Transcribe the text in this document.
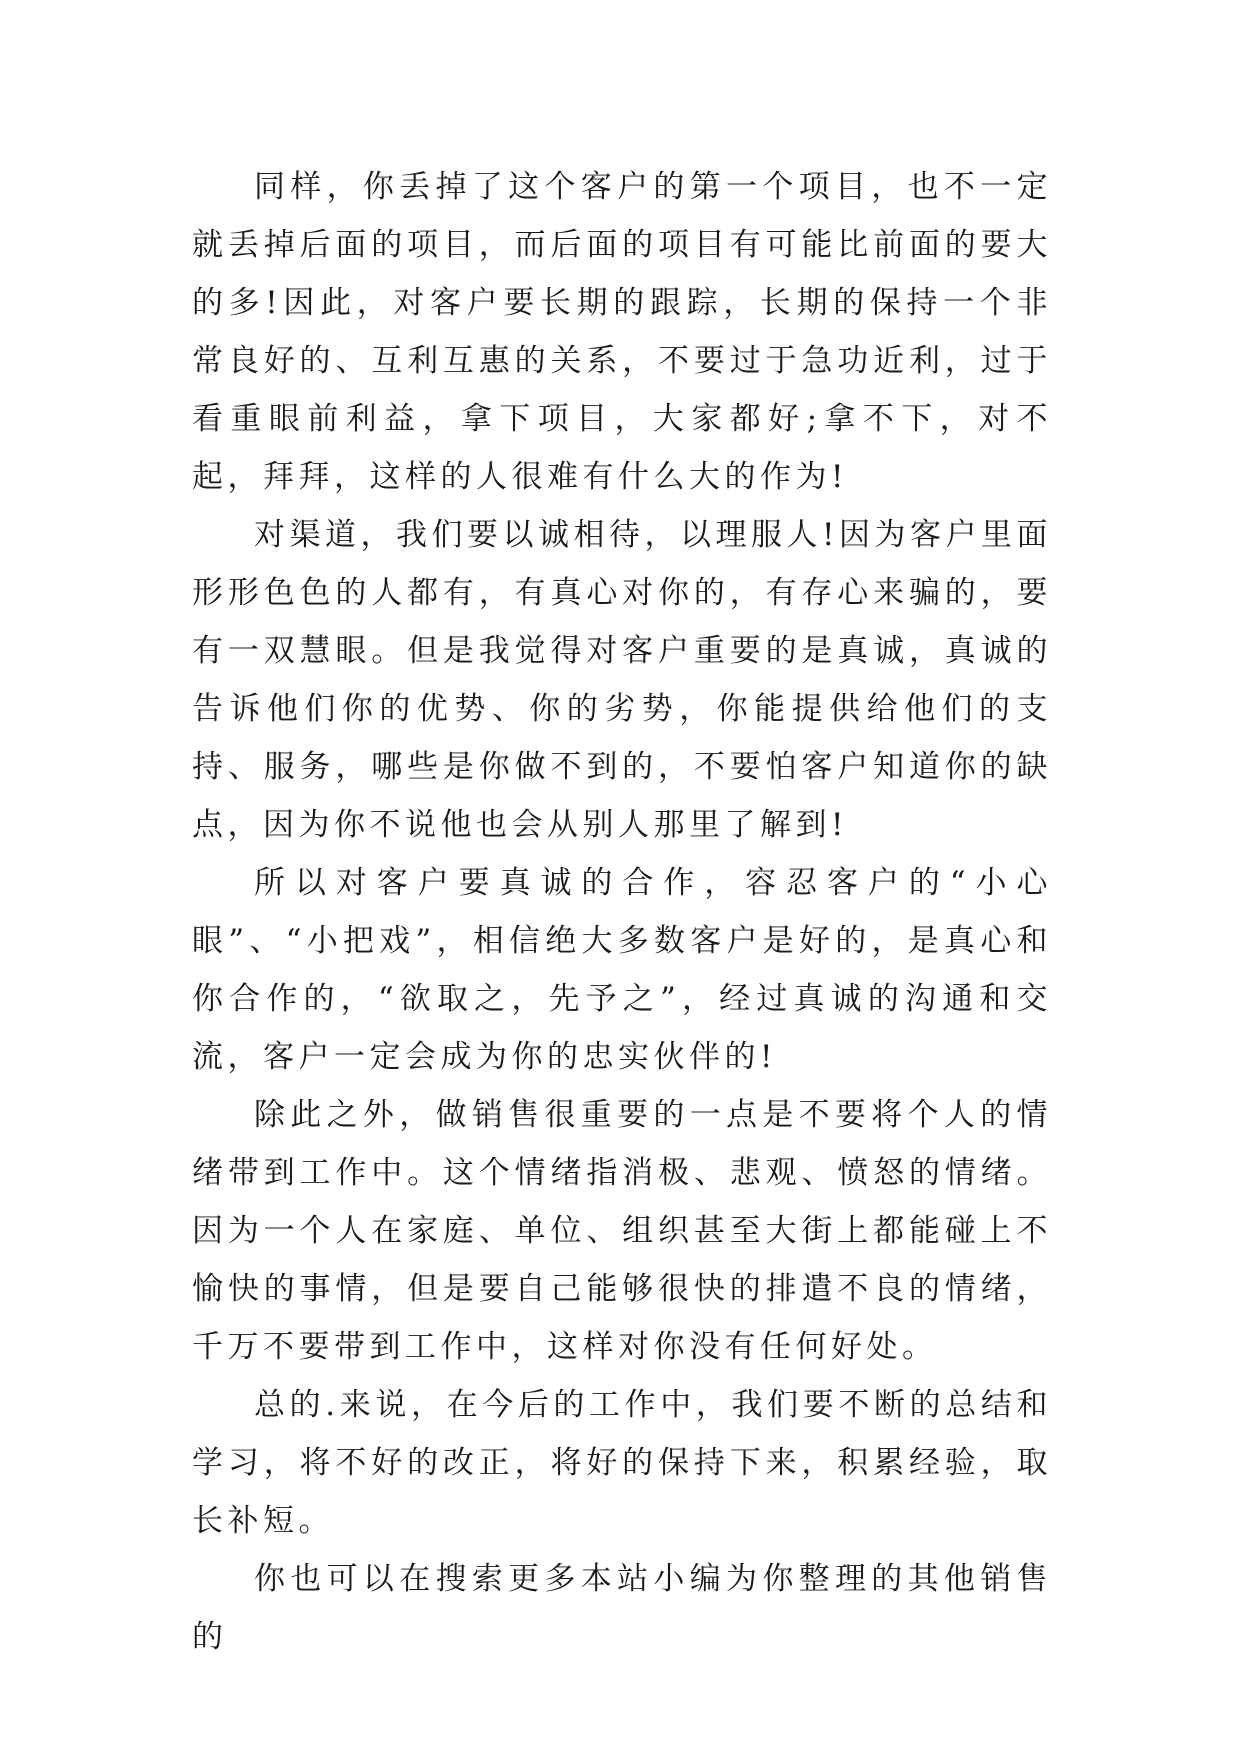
同样，你丢掉了这个客户的第一个项目，也不一定就丢掉后面的项目，而后面的项目有可能比前面的要大的多!因此，对客户要长期的跟踪，长期的保持一个非常良好的、互利互惠的关系，不要过于急功近利，过于看重眼前利益，拿下项目，大家都好;拿不下，对不起，拜拜，这样的人很难有什么大的作为!

对渠道，我们要以诚相待，以理服人!因为客户里面形形色色的人都有，有真心对你的，有存心来骗的，要有一双慧眼。但是我觉得对客户重要的是真诚，真诚的告诉他们你的优势、你的劣势，你能提供给他们的支持、服务，哪些是你做不到的，不要怕客户知道你的缺点，因为你不说他也会从别人那里了解到!

所以对客户要真诚的合作，容忍客户的“小心眼”、“小把戏”，相信绝大多数客户是好的，是真心和你合作的，“欲取之，先予之”，经过真诚的沟通和交流，客户一定会成为你的忠实伙伴的!

除此之外，做销售很重要的一点是不要将个人的情绪带到工作中。这个情绪指消极、悲观、愤怒的情绪。因为一个人在家庭、单位、组织甚至大街上都能碰上不愉快的事情，但是要自己能够很快的排遣不良的情绪，千万不要带到工作中，这样对你没有任何好处。

总的.来说，在今后的工作中，我们要不断的总结和学习，将不好的改正，将好的保持下来，积累经验，取长补短。

你也可以在搜索更多本站小编为你整理的其他销售的
